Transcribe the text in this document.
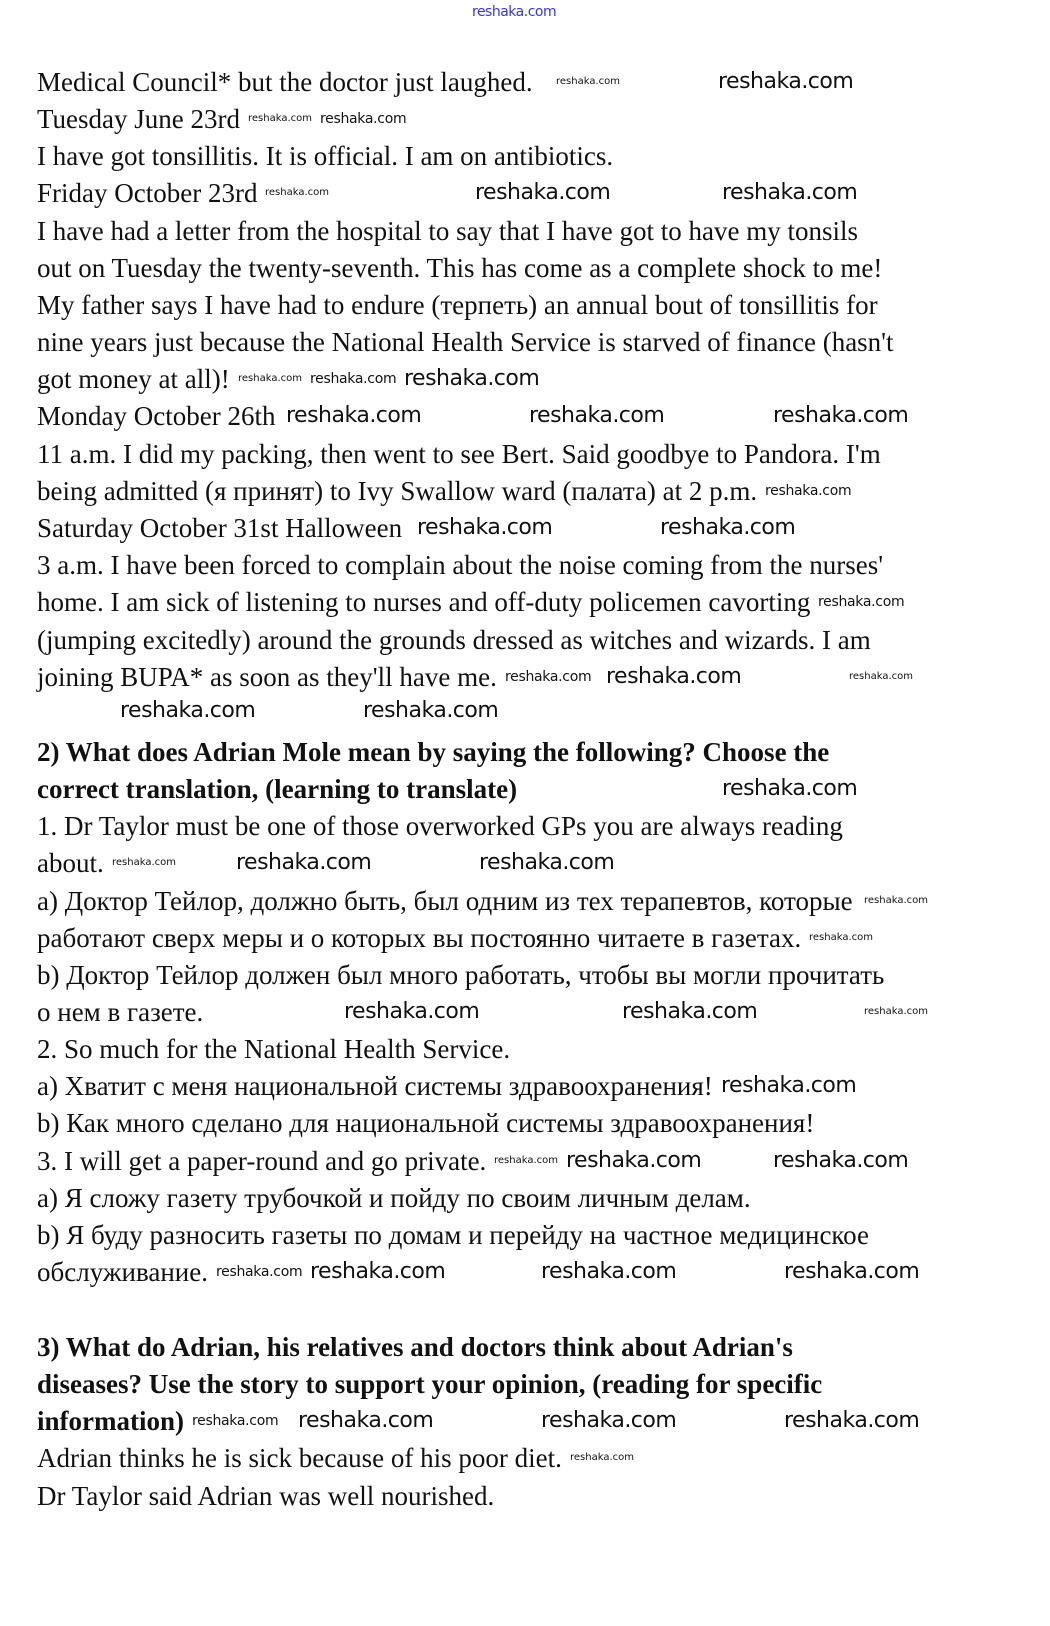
reshaka.com
Medical Council* but the doctor just laughed. reshaka.com	reshaka.com
Tuesday June 23rd reshaka.com reshaka.com
I have got tonsillitis. It is official. I am on antibiotics.
Friday October 23rd reshaka.com	reshaka.com	reshaka.com
I have had a letter from the hospital to say that I have got to have my tonsils
out on Tuesday the twenty-seventh. This has come as a complete shock to me!
My father says I have had to endure (терпеть) an annual bout of tonsillitis for
nine years just because the National Health Service is starved of finance (hasn't
got money at all)! reshaka.com reshaka.com reshaka.com
Monday October 26th reshaka.com	reshaka.com	reshaka.com
11 a.m. I did my packing, then went to see Bert. Said goodbye to Pandora. I'm
being admitted (я принят) to Ivy Swallow ward (палата) at 2 p.m. reshaka.com
Saturday October 31st Halloween reshaka.com	reshaka.com
3 a.m. I have been forced to complain about the noise coming from the nurses'
home. I am sick of listening to nurses and off-duty policemen cavorting reshaka.com
(jumping excitedly) around the grounds dressed as witches and wizards. I am
joining BUPA* as soon as they'll have me. reshaka.com reshaka.com	reshaka.com
2) What does Adrian Mole mean by saying the following? Choose the
correct translation, (learning to translate)	reshaka.com
1. Dr Taylor must be one of those overworked GPs you are always reading
about. reshaka.com	reshaka.com	reshaka.com
a) Доктор Тейлор, должно быть, был одним из тех терапевтов, которые reshaka.com
работают сверх меры и о которых вы постоянно читаете в газетах. reshaka.com
b) Доктор Тейлор должен был много работать, чтобы вы могли прочитать
о нем в газете.	reshaka.com	reshaka.com	reshaka.com
2. So much for the National Health Service.
a) Хватит с меня национальной системы здравоохранения! reshaka.com
b) Как много сделано для национальной системы здравоохранения!
3. I will get a paper-round and go private. reshaka.com reshaka.com	reshaka.com
a) Я сложу газету трубочкой и пойду по своим личным делам.
b) Я буду разносить газеты по домам и перейду на частное медицинское
обслуживание. reshaka.com reshaka.com	reshaka.com	reshaka.com
3) What do Adrian, his relatives and doctors think about Adrian's
diseases? Use the story to support your opinion, (reading for specific
information) reshaka.com reshaka.com	reshaka.com	reshaka.com
Adrian thinks he is sick because of his poor diet. reshaka.com
Dr Taylor said Adrian was well nourished.
reshaka.com	reshaka.com
